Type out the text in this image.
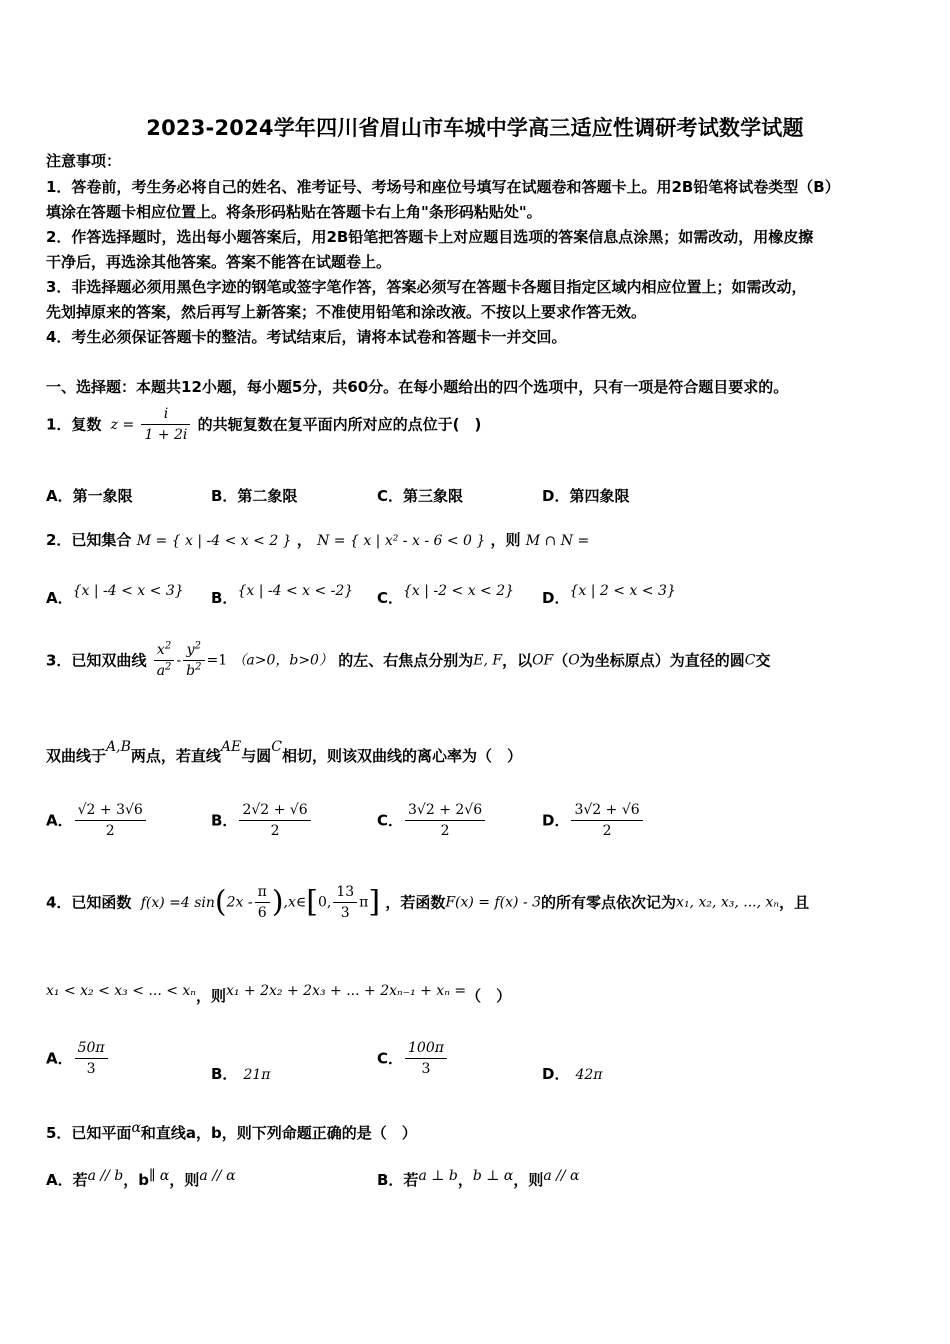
2023-2024学年四川省眉山市车城中学高三适应性调研考试数学试题
注意事项：
1．答卷前，考生务必将自己的姓名、准考证号、考场号和座位号填写在试题卷和答题卡上。用2B铅笔将试卷类型（B）
填涂在答题卡相应位置上。将条形码粘贴在答题卡右上角"条形码粘贴处"。
2．作答选择题时，选出每小题答案后，用2B铅笔把答题卡上对应题目选项的答案信息点涂黑；如需改动，用橡皮擦
干净后，再选涂其他答案。答案不能答在试题卷上。
3．非选择题必须用黑色字迹的钢笔或签字笔作答，答案必须写在答题卡各题目指定区域内相应位置上；如需改动，
先划掉原来的答案，然后再写上新答案；不准使用铅笔和涂改液。不按以上要求作答无效。
4．考生必须保证答题卡的整洁。考试结束后，请将本试卷和答题卡一并交回。
一、选择题：本题共12小题，每小题5分，共60分。在每小题给出的四个选项中，只有一项是符合题目要求的。
1．复数 $z = \frac{i}{1 + 2i}$ 的共轭复数在复平面内所对应的点位于(　)
A．第一象限	B．第二象限	C．第三象限	D．第四象限
2．已知集合 M = { x | -4 < x < 2 } ， N = { x | x² - x - 6 < 0 } ，则 M ∩ N =
A．{x | -4 < x < 3} B．{x | -4 < x < -2} C．{x | -2 < x < 2} D．{x | 2 < x < 3}
3．已知双曲线 $\frac{x^2}{a^2} - \frac{y^2}{b^2} =1$ （a>0，b>0） 的左、右焦点分别为E, F，以OF（O为坐标原点）为直径的圆C交
双曲线于A,B两点，若直线AE与圆C相切，则该双曲线的离心率为（　）
A． $\frac{√2 + 3√6}{2}$	B． $\frac{2√2 + √6}{2}$	C． $\frac{3√2 + 2√6}{2}$	D． $\frac{3√2 + √6}{2}$
4．已知函数 f(x) =4 $\sin(2x - \frac{\pi}{6}$ ),x∈[0, $\frac{13}{3} \pi$] ，若函数F(x) = f(x) - 3的所有零点依次记为x₁, x₂, x₃, ..., xₙ，且
x₁ < x₂ < x₃ < ... < xₙ，则x₁ + 2x₂ + 2x₃ + ... + 2xₙ₋₁ + xₙ =（　）
A． $\frac{50\pi}{3}$	B． 21π
C． $\frac{100\pi}{3}$	D． 42π
5．已知平面α和直线a，b，则下列命题正确的是（　）
A．若a // b，b∥ α，则a // α	B．若a ⊥ b，b ⊥ α，则a // α
